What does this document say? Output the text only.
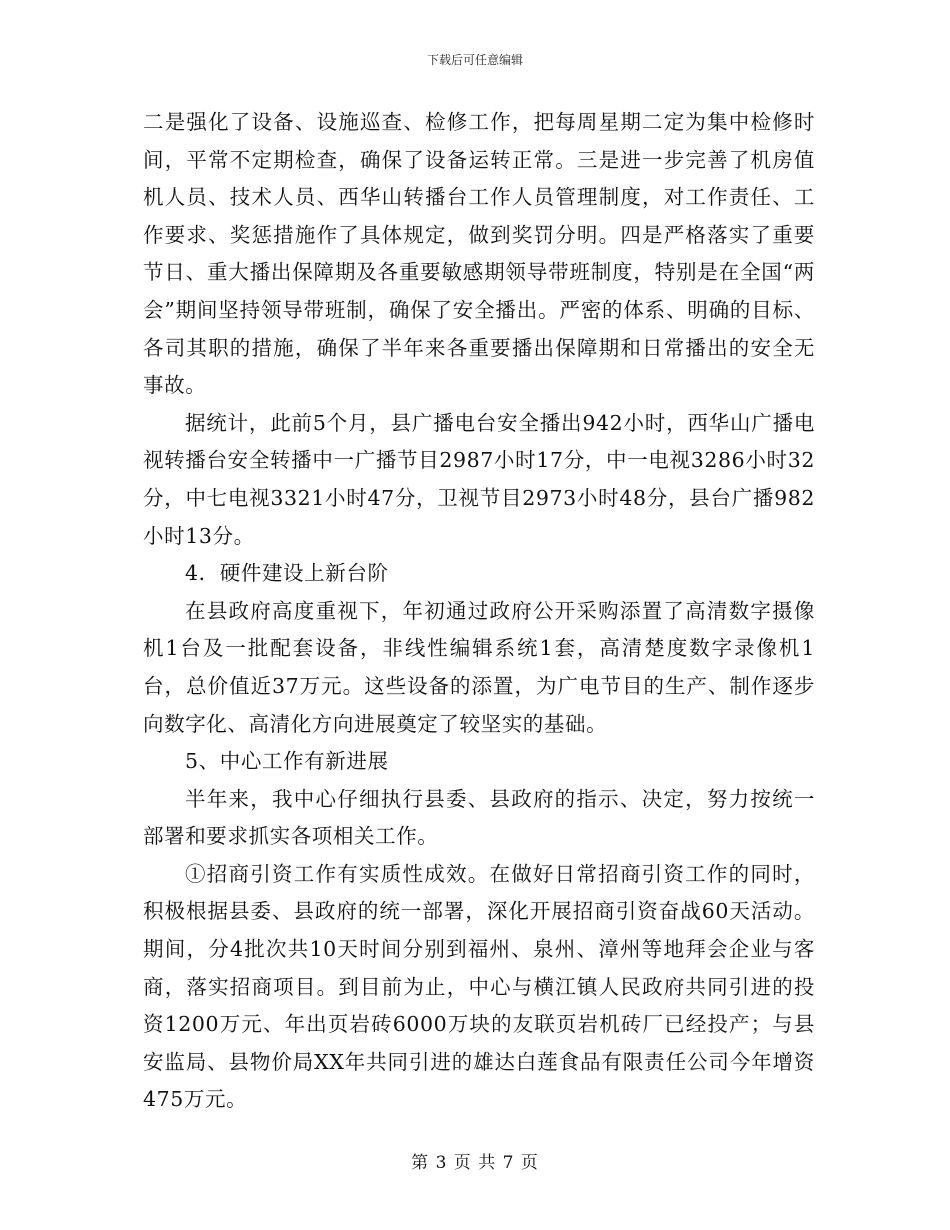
下载后可任意编辑

二是强化了设备、设施巡查、检修工作，把每周星期二定为集中检修时间，平常不定期检查，确保了设备运转正常。三是进一步完善了机房值机人员、技术人员、西华山转播台工作人员管理制度，对工作责任、工作要求、奖惩措施作了具体规定，做到奖罚分明。四是严格落实了重要节日、重大播出保障期及各重要敏感期领导带班制度，特别是在全国“两会”期间坚持领导带班制，确保了安全播出。严密的体系、明确的目标、各司其职的措施，确保了半年来各重要播出保障期和日常播出的安全无事故。

据统计，此前5个月，县广播电台安全播出942小时，西华山广播电视转播台安全转播中一广播节目2987小时17分，中一电视3286小时32分，中七电视3321小时47分，卫视节目2973小时48分，县台广播982小时13分。

4．硬件建设上新台阶

在县政府高度重视下，年初通过政府公开采购添置了高清数字摄像机1台及一批配套设备，非线性编辑系统1套，高清楚度数字录像机1台，总价值近37万元。这些设备的添置，为广电节目的生产、制作逐步向数字化、高清化方向进展奠定了较坚实的基础。

5、中心工作有新进展

半年来，我中心仔细执行县委、县政府的指示、决定，努力按统一部署和要求抓实各项相关工作。

①招商引资工作有实质性成效。在做好日常招商引资工作的同时，积极根据县委、县政府的统一部署，深化开展招商引资奋战60天活动。期间，分4批次共10天时间分别到福州、泉州、漳州等地拜会企业与客商，落实招商项目。到目前为止，中心与横江镇人民政府共同引进的投资1200万元、年出页岩砖6000万块的友联页岩机砖厂已经投产；与县安监局、县物价局XX年共同引进的雄达白莲食品有限责任公司今年增资475万元。

第 3 页 共 7 页
